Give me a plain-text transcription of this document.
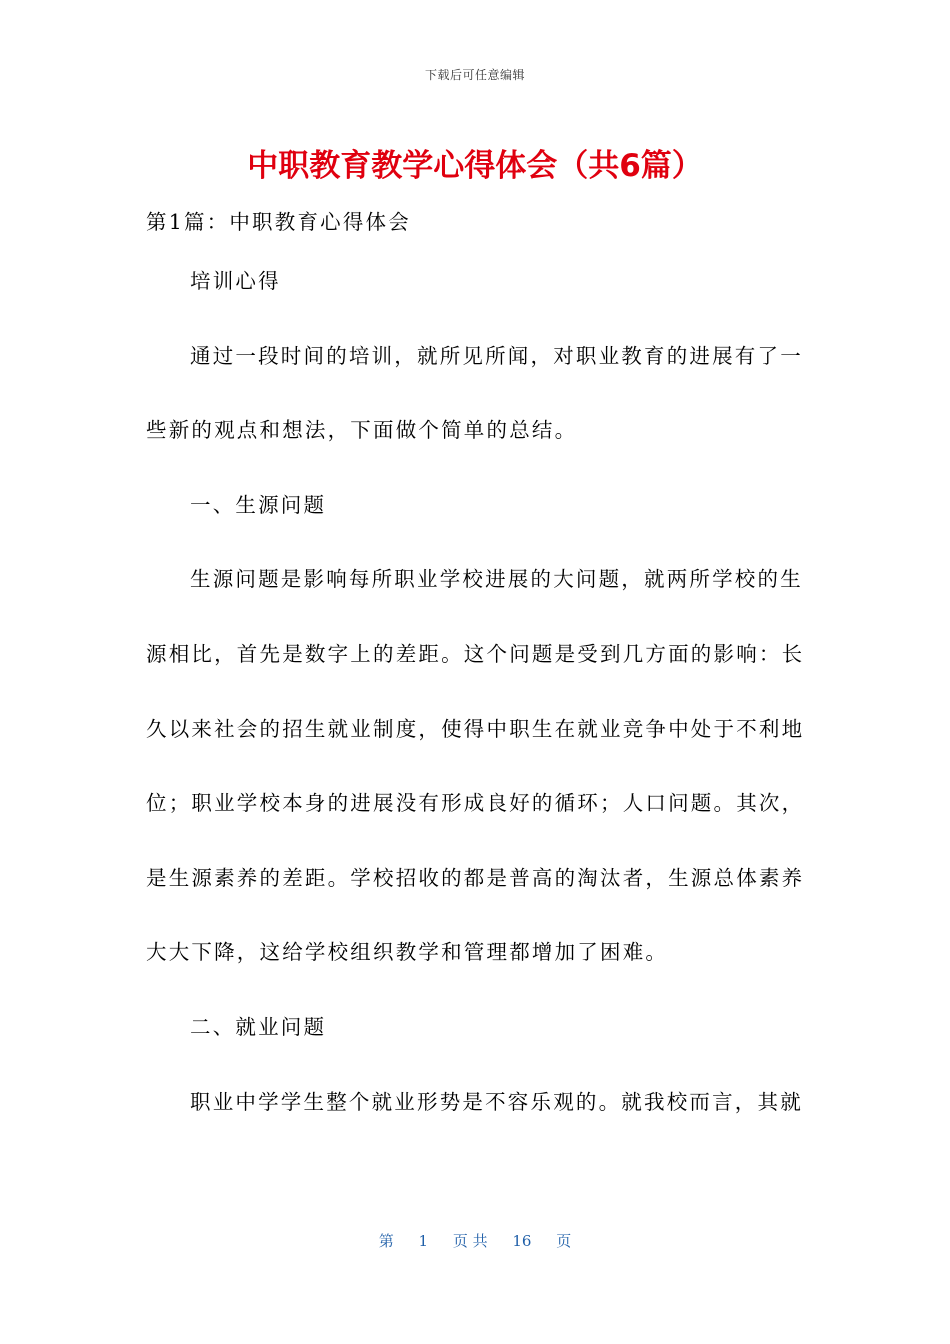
下载后可任意编辑
中职教育教学心得体会（共6篇）
第1篇：中职教育心得体会
培训心得
通过一段时间的培训，就所见所闻，对职业教育的进展有了一
些新的观点和想法，下面做个简单的总结。
一、生源问题
生源问题是影响每所职业学校进展的大问题，就两所学校的生
源相比，首先是数字上的差距。这个问题是受到几方面的影响：长
久以来社会的招生就业制度，使得中职生在就业竞争中处于不利地
位；职业学校本身的进展没有形成良好的循环；人口问题。其次，
是生源素养的差距。学校招收的都是普高的淘汰者，生源总体素养
大大下降，这给学校组织教学和管理都增加了困难。
二、就业问题
职业中学学生整个就业形势是不容乐观的。就我校而言，其就
第 1 页 共 16 页
